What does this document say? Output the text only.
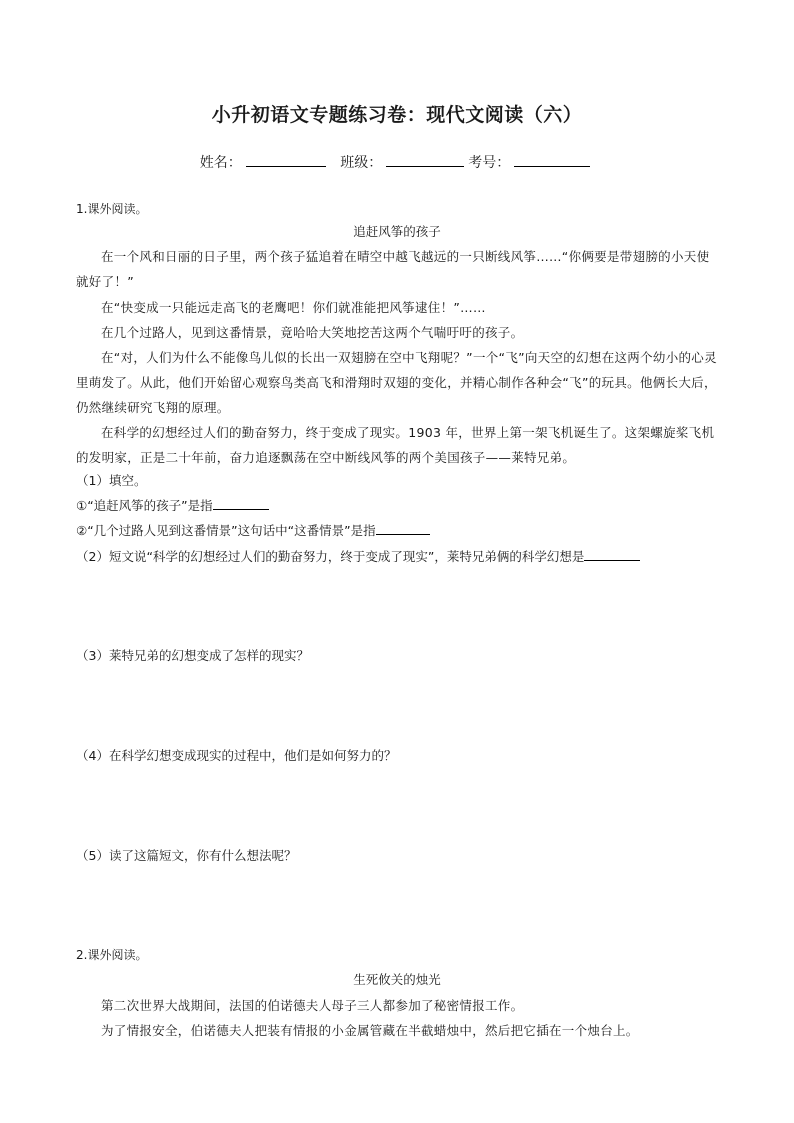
小升初语文专题练习卷：现代文阅读（六）
姓名：	班级：	考号：
1.课外阅读。
追赶风筝的孩子
在一个风和日丽的日子里，两个孩子猛追着在晴空中越飞越远的一只断线风筝……“你俩要是带翅膀的小天使就好了！”
在“快变成一只能远走高飞的老鹰吧！你们就准能把风筝逮住！”……
在几个过路人，见到这番情景，竟哈哈大笑地挖苦这两个气喘吁吁的孩子。
在“对，人们为什么不能像鸟儿似的长出一双翅膀在空中飞翔呢？”一个“飞”向天空的幻想在这两个幼小的心灵里萌发了。从此，他们开始留心观察鸟类高飞和滑翔时双翅的变化，并精心制作各种会“飞”的玩具。他俩长大后，仍然继续研究飞翔的原理。
在科学的幻想经过人们的勤奋努力，终于变成了现实。1903 年，世界上第一架飞机诞生了。这架螺旋桨飞机的发明家，正是二十年前，奋力追逐飘荡在空中断线风筝的两个美国孩子——莱特兄弟。
（1）填空。
①“追赶风筝的孩子”是指
②“几个过路人见到这番情景”这句话中“这番情景”是指
（2）短文说“科学的幻想经过人们的勤奋努力，终于变成了现实”，莱特兄弟俩的科学幻想是
（3）莱特兄弟的幻想变成了怎样的现实？
（4）在科学幻想变成现实的过程中，他们是如何努力的？
（5）读了这篇短文，你有什么想法呢？
2.课外阅读。
生死攸关的烛光
第二次世界大战期间，法国的伯诺德夫人母子三人都参加了秘密情报工作。
为了情报安全，伯诺德夫人把装有情报的小金属管藏在半截蜡烛中，然后把它插在一个烛台上。
